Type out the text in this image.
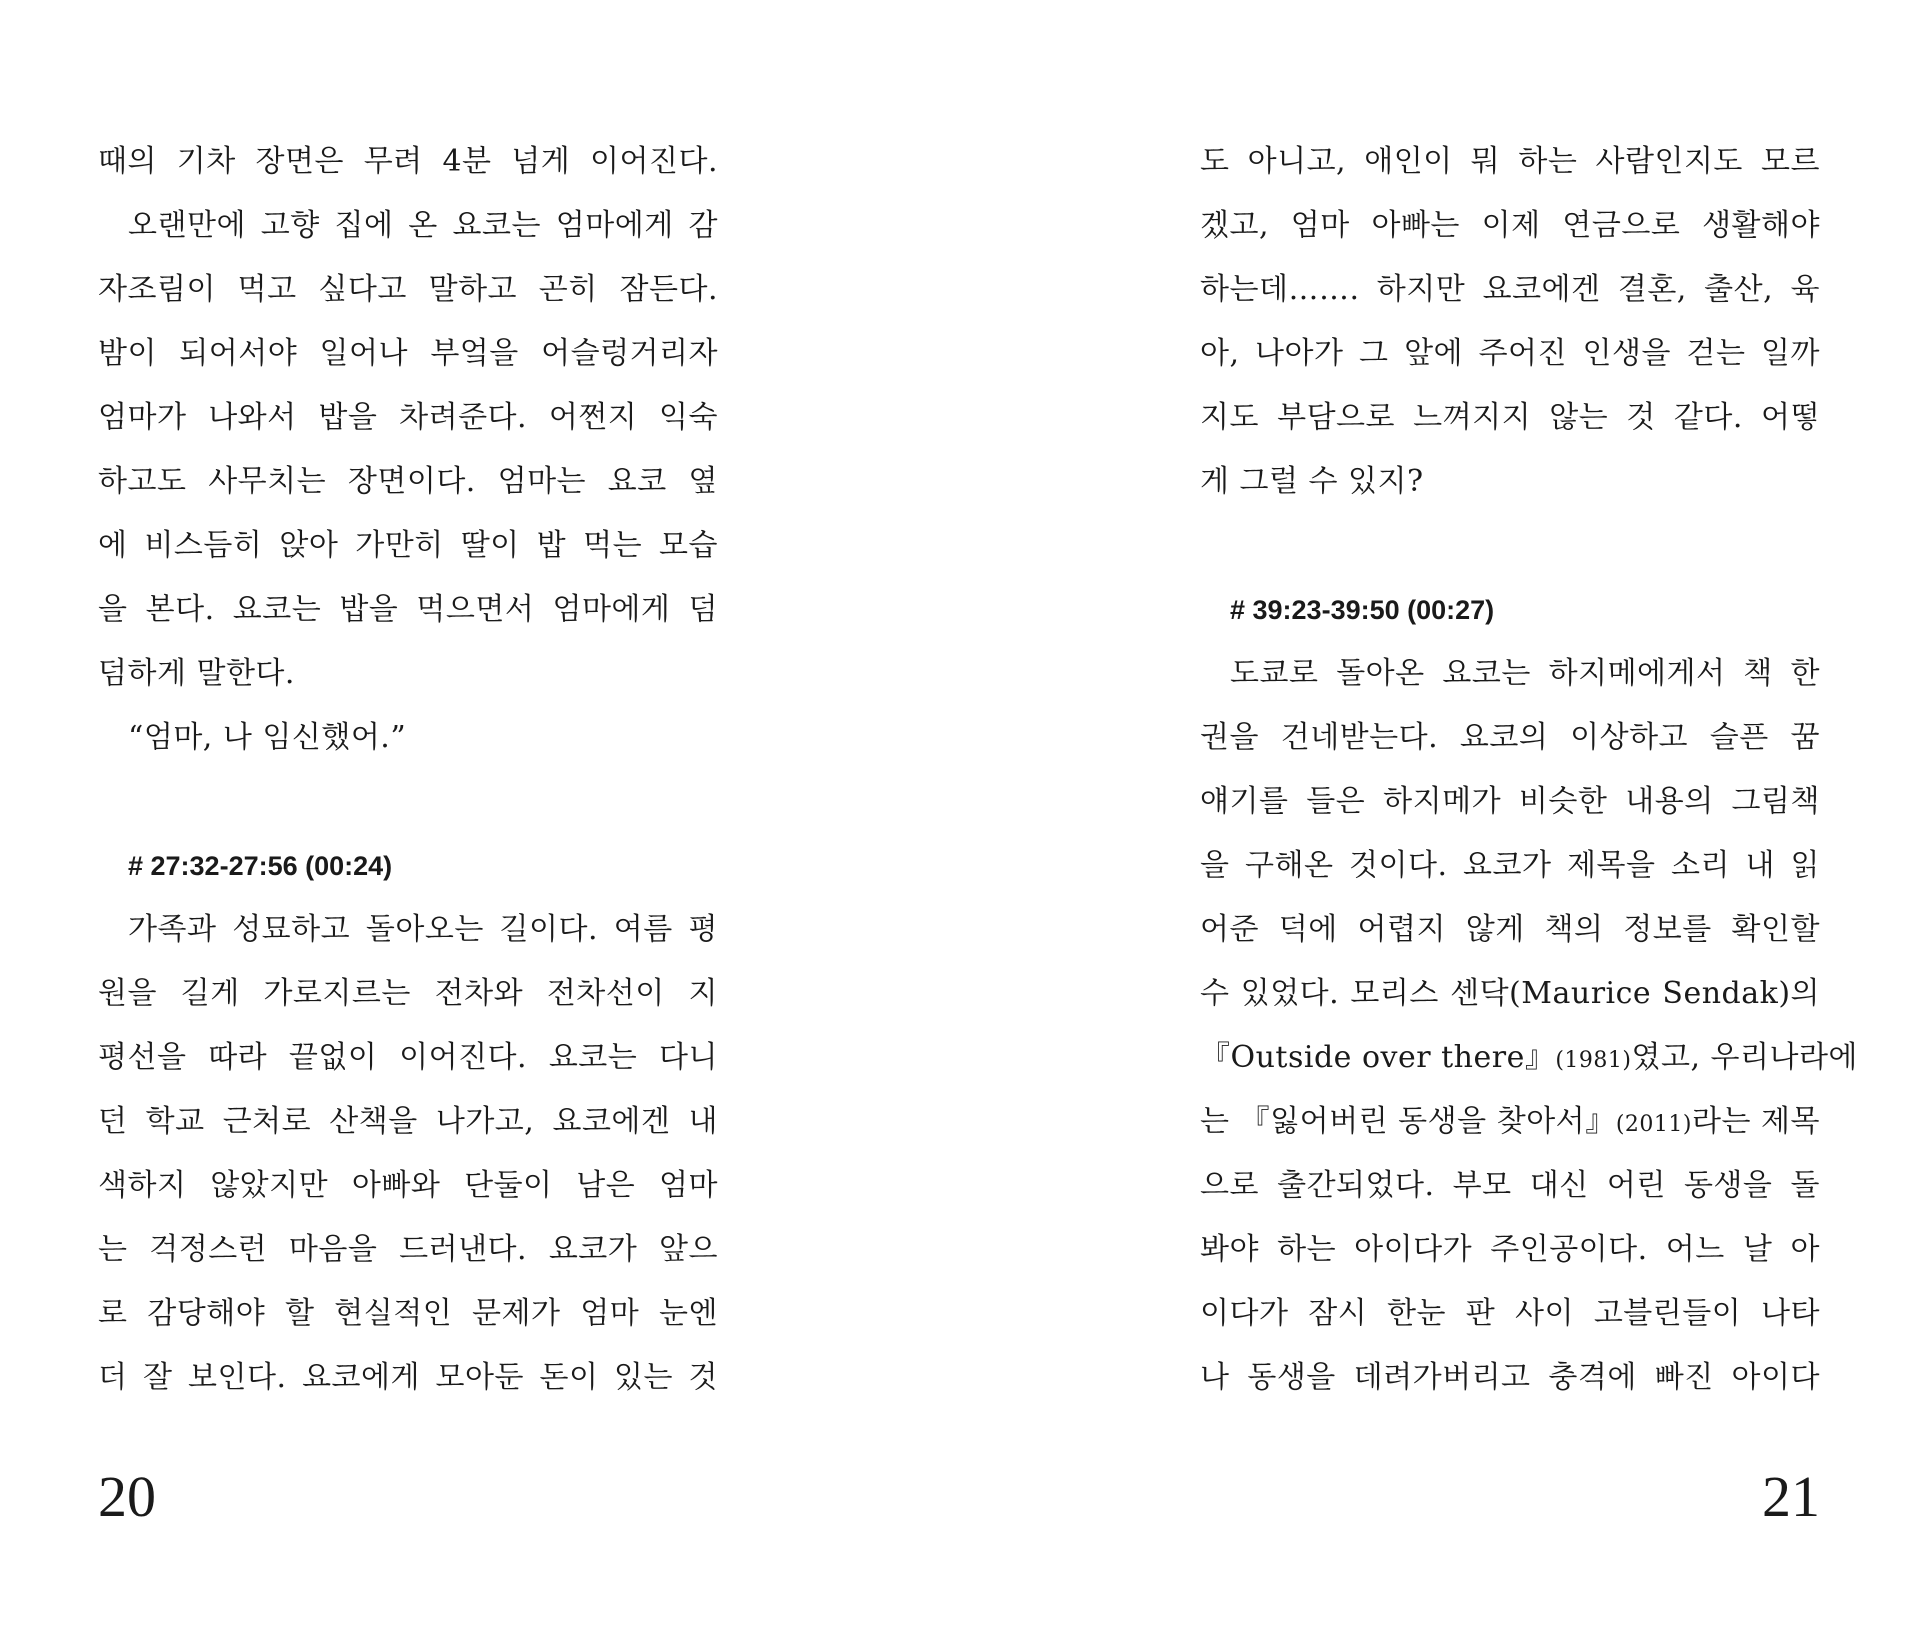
때의 기차 장면은 무려 4분 넘게 이어진다.
오랜만에 고향 집에 온 요코는 엄마에게 감
자조림이 먹고 싶다고 말하고 곤히 잠든다.
밤이 되어서야 일어나 부엌을 어슬렁거리자
엄마가 나와서 밥을 차려준다. 어쩐지 익숙
하고도 사무치는 장면이다. 엄마는 요코 옆
에 비스듬히 앉아 가만히 딸이 밥 먹는 모습
을 본다. 요코는 밥을 먹으면서 엄마에게 덤
덤하게 말한다.
“엄마, 나 임신했어.”
# 27:32-27:56 (00:24)
가족과 성묘하고 돌아오는 길이다. 여름 평
원을 길게 가로지르는 전차와 전차선이 지
평선을 따라 끝없이 이어진다. 요코는 다니
던 학교 근처로 산책을 나가고, 요코에겐 내
색하지 않았지만 아빠와 단둘이 남은 엄마
는 걱정스런 마음을 드러낸다. 요코가 앞으
로 감당해야 할 현실적인 문제가 엄마 눈엔
더 잘 보인다. 요코에게 모아둔 돈이 있는 것
도 아니고, 애인이 뭐 하는 사람인지도 모르
겠고, 엄마 아빠는 이제 연금으로 생활해야
하는데……. 하지만 요코에겐 결혼, 출산, 육
아, 나아가 그 앞에 주어진 인생을 걷는 일까
지도 부담으로 느껴지지 않는 것 같다. 어떻
게 그럴 수 있지?
# 39:23-39:50 (00:27)
도쿄로 돌아온 요코는 하지메에게서 책 한
권을 건네받는다. 요코의 이상하고 슬픈 꿈
얘기를 들은 하지메가 비슷한 내용의 그림책
을 구해온 것이다. 요코가 제목을 소리 내 읽
어준 덕에 어렵지 않게 책의 정보를 확인할
수 있었다. 모리스 센닥(Maurice Sendak)의
『Outside over there』(1981)였고, 우리나라에
는 『잃어버린 동생을 찾아서』(2011)라는 제목
으로 출간되었다. 부모 대신 어린 동생을 돌
봐야 하는 아이다가 주인공이다. 어느 날 아
이다가 잠시 한눈 판 사이 고블린들이 나타
나 동생을 데려가버리고 충격에 빠진 아이다
20	21
